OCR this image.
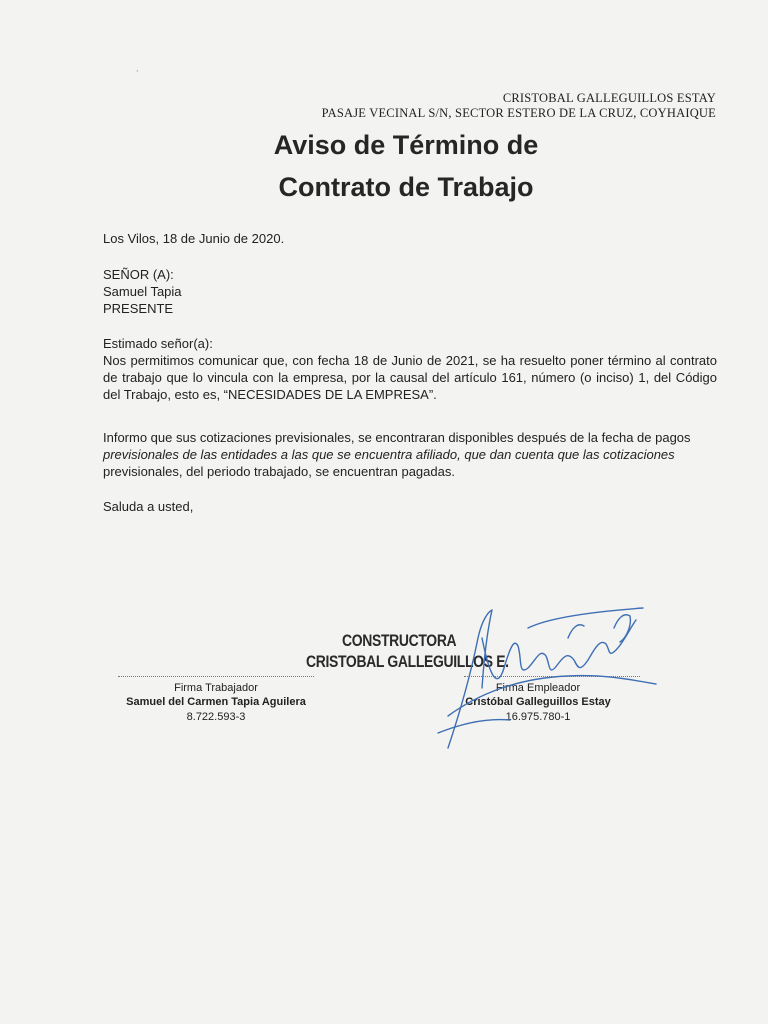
,
CRISTOBAL GALLEGUILLOS ESTAY
PASAJE VECINAL S/N, SECTOR ESTERO DE LA CRUZ, COYHAIQUE
Aviso de Término de
Contrato de Trabajo
Los Vilos, 18 de Junio de 2020.
SEÑOR (A):
Samuel Tapia
PRESENTE
Estimado señor(a):
Nos permitimos comunicar que, con fecha 18 de Junio de 2021, se ha resuelto poner término al contrato de trabajo que lo vincula con la empresa, por la causal del artículo 161, número (o inciso) 1, del Código del Trabajo, esto es, “NECESIDADES DE LA EMPRESA”.
Informo que sus cotizaciones previsionales, se encontraran disponibles después de la fecha de pagos
previsionales de las entidades a las que se encuentra afiliado, que dan cuenta que las cotizaciones
previsionales, del periodo trabajado, se encuentran pagadas.
Saluda a usted,
CONSTRUCTORA
CRISTOBAL GALLEGUILLOS E.
Firma Trabajador
Samuel del Carmen Tapia Aguilera
8.722.593-3
Firma Empleador
Cristóbal Galleguillos Estay
16.975.780-1
